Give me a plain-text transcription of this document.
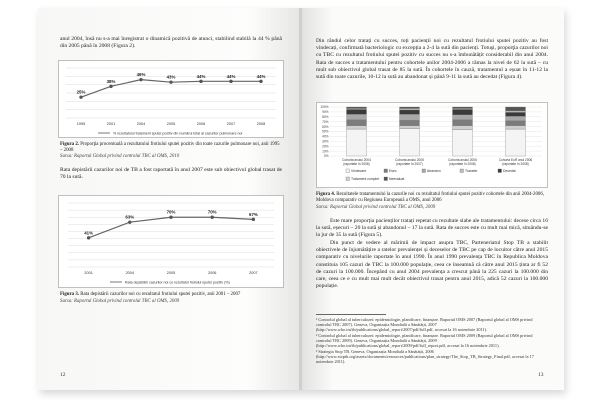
anul 2004, însă nu s-a mai înregistrat o dinamică pozitivă de atunci, stabilind stabilă la 44 % până din 2005 până în 2008 (Figura 2).
25%
38%
46%	43%	44%	44%	44%
1995	2001	2004	2005	2006	2007	2008
% rezultatului tratament sputei pozitiv din numărul total al cazurilor pulmonare noi
Figura 2. Proporţia procentuală a rezultatului frotiului sputei pozitiv din toate cazurile pulmonare noi, anii 1995 – 2008
Sursa: Raportul Global privind controlul TBC al OMS, 2010
Rata depistării cazurilor noi de TB a fost raportată în anul 2007 este sub obiectivul global trasat de 70 la sută.
41%
63%
70%	70%	67%
2001	2004	2005	2006	2007
Rata depistării cazurilor noi cu rezultatul frotiului sputei pozitiv (%)
Figura 3. Rata depistării cazurilor noi cu rezultatul frotiului sputei pozitiv, anii 2001 – 2007
Sursa: Raportul Global privind controlul TBC al OMS, 2009
12
Din rândul celor tratați cu succes, toți pacienții noi cu rezultatul frotiului sputei pozitiv au fost vindecați, confirmată bacteriologic cu excepția a 2-4 la sută din pacienți. Totuşi, proporţia cazurilor noi cu TBC cu rezultatul frotiului sputei pozitiv cu succes nu s-a îmbunătățit considerabil din anul 2004. Rata de succes a tratamentului pentru cohortele anilor 2004-2006 a rămas la nivel de 62 la sută – cu mult sub obiectivul global trasat de 85 la sută. În cohortele în cauză, tratamentul a eșuat în 11-12 la sută din toate cazurile, 10-12 la sută au abandonat și până 9-11 la sută au decedat (Figura 4).
0%
10%
20%
30%
40%
50%
60%
70%
80%
90%
100%
Cohorta anului 2004
(raportate în 2006)
Cohorta anului 2005
(raportate în 2007)
Cohorta anului 2006
(raportate în 2008)
Cohorta EuR anul 2006
(raportate în 2008)
Vindecare	Eșec	Abandon	Transfer	Decedat
Tratament complet	Neevaluat
Figura 4. Rezultatele tratamentului la cazurile noi cu rezultatul frotiului sputei pozitiv cohortele din anii 2004-2006, Moldova comparativ cu Regiunea Europeană a OMS, anul 2006
Sursa: Raportul Global privind controlul TBC al OMS, 2009
Este mare proporția pacienților tratați repetat cu rezultate slabe ale tratamentului: decese circa 16 la sută, eșecuri – 20 la sută și abandonul – 17 la sută. Rata de succes este cu mult mai mică, situându-se la jur de 35 la sută (Figura 5).
Din punct de vedere al mărimii de impact asupra TBC, Parteneriatul Stop TB a stabilit obiectivele de înjumătățire a ratelor prevalenței și deceselor de TBC pe cap de locuitor către anul 2015 comparativ cu nivelurile raportate în anul 1990. În anul 1990 prevalența TBC în Republica Moldova constituia 105 cazuri de TBC la 100.000 populație, ceea ce înseamnă că către anul 2015 ținta ar fi 52 de cazuri la 100.000. Începând cu anul 2004 prevalența a crescut până la 225 cazuri la 100.000 din care, ceea ce e cu mult mai mult decât obiectivul trasat pentru anul 2015, adică 52 cazuri la 100.000 populație.
¹ Controlul global al tuberculozei: epidemiologie, planificare, finanțare. Raportul OMS 2007 (Raportul global al OMS privind controlul TBC 2007). Geneva, Organizația Mondială a Sănătății, 2007 (http://www.who.int/tb/publications/global_report/2007/pdf/full.pdf, accesat la 16 noiembrie 2011).
² Controlul global al tuberculozei: epidemiologie, planificare, finanțare. Raportul OMS 2009 (Raportul global al OMS privind controlul TBC 2009). Geneva, Organizația Mondială a Sănătății, 2009 (http://www.who.int/tb/publications/global_report/2009/pdf/full_report.pdf, accesat la 16 noiembrie 2011).
³ Strategia Stop TB. Geneva, Organizația Mondială a Sănătății, 2006 (http://www.stoptb.org/assets/documents/resources/publications/plan_strategy/The_Stop_TB_Strategy_Final.pdf, accesat la 17 noiembrie 2011).
13
